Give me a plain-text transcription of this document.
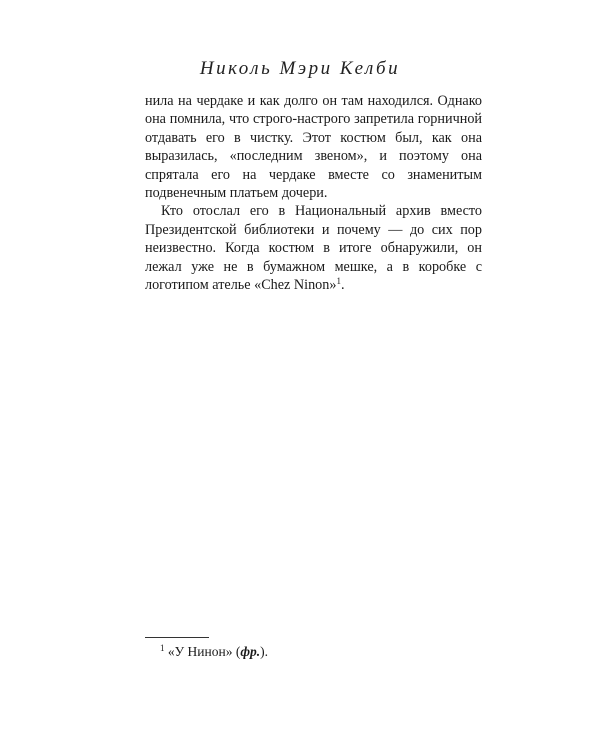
Николь Мэри Келби

нила на чердаке и как долго он там находился. Однако она помнила, что строго-настрого запретила горничной отдавать его в чистку. Этот костюм был, как она выразилась, «последним звеном», и поэтому она спрятала его на чердаке вместе со знаменитым подвенечным платьем дочери.

Кто отослал его в Национальный архив вместо Президентской библиотеки и почему — до сих пор неизвестно. Когда костюм в итоге обнаружили, он лежал уже не в бумажном мешке, а в коробке с логотипом ателье «Chez Ninon»$^1$.

$^1$ «У Нинон» (фр.).
